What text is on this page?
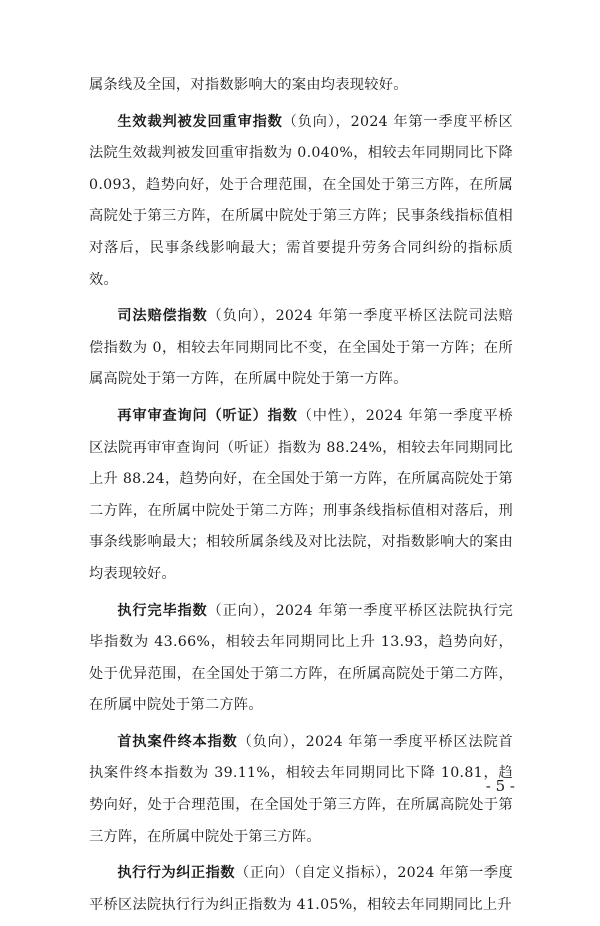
属条线及全国，对指数影响大的案由均表现较好。

生效裁判被发回重审指数（负向），2024 年第一季度平桥区法院生效裁判被发回重审指数为 0.040%，相较去年同期同比下降 0.093，趋势向好，处于合理范围，在全国处于第三方阵，在所属高院处于第三方阵，在所属中院处于第三方阵；民事条线指标值相对落后，民事条线影响最大；需首要提升劳务合同纠纷的指标质效。

司法赔偿指数（负向），2024 年第一季度平桥区法院司法赔偿指数为 0，相较去年同期同比不变，在全国处于第一方阵；在所属高院处于第一方阵，在所属中院处于第一方阵。

再审审查询问（听证）指数（中性），2024 年第一季度平桥区法院再审审查询问（听证）指数为 88.24%，相较去年同期同比上升 88.24，趋势向好，在全国处于第一方阵，在所属高院处于第二方阵，在所属中院处于第二方阵；刑事条线指标值相对落后，刑事条线影响最大；相较所属条线及对比法院，对指数影响大的案由均表现较好。

执行完毕指数（正向），2024 年第一季度平桥区法院执行完毕指数为 43.66%，相较去年同期同比上升 13.93，趋势向好，处于优异范围，在全国处于第二方阵，在所属高院处于第二方阵，在所属中院处于第二方阵。

首执案件终本指数（负向），2024 年第一季度平桥区法院首执案件终本指数为 39.11%，相较去年同期同比下降 10.81，趋势向好，处于合理范围，在全国处于第三方阵，在所属高院处于第三方阵，在所属中院处于第三方阵。

执行行为纠正指数（正向）（自定义指标），2024 年第一季度平桥区法院执行行为纠正指数为 41.05%，相较去年同期同比上升

- 5 -
